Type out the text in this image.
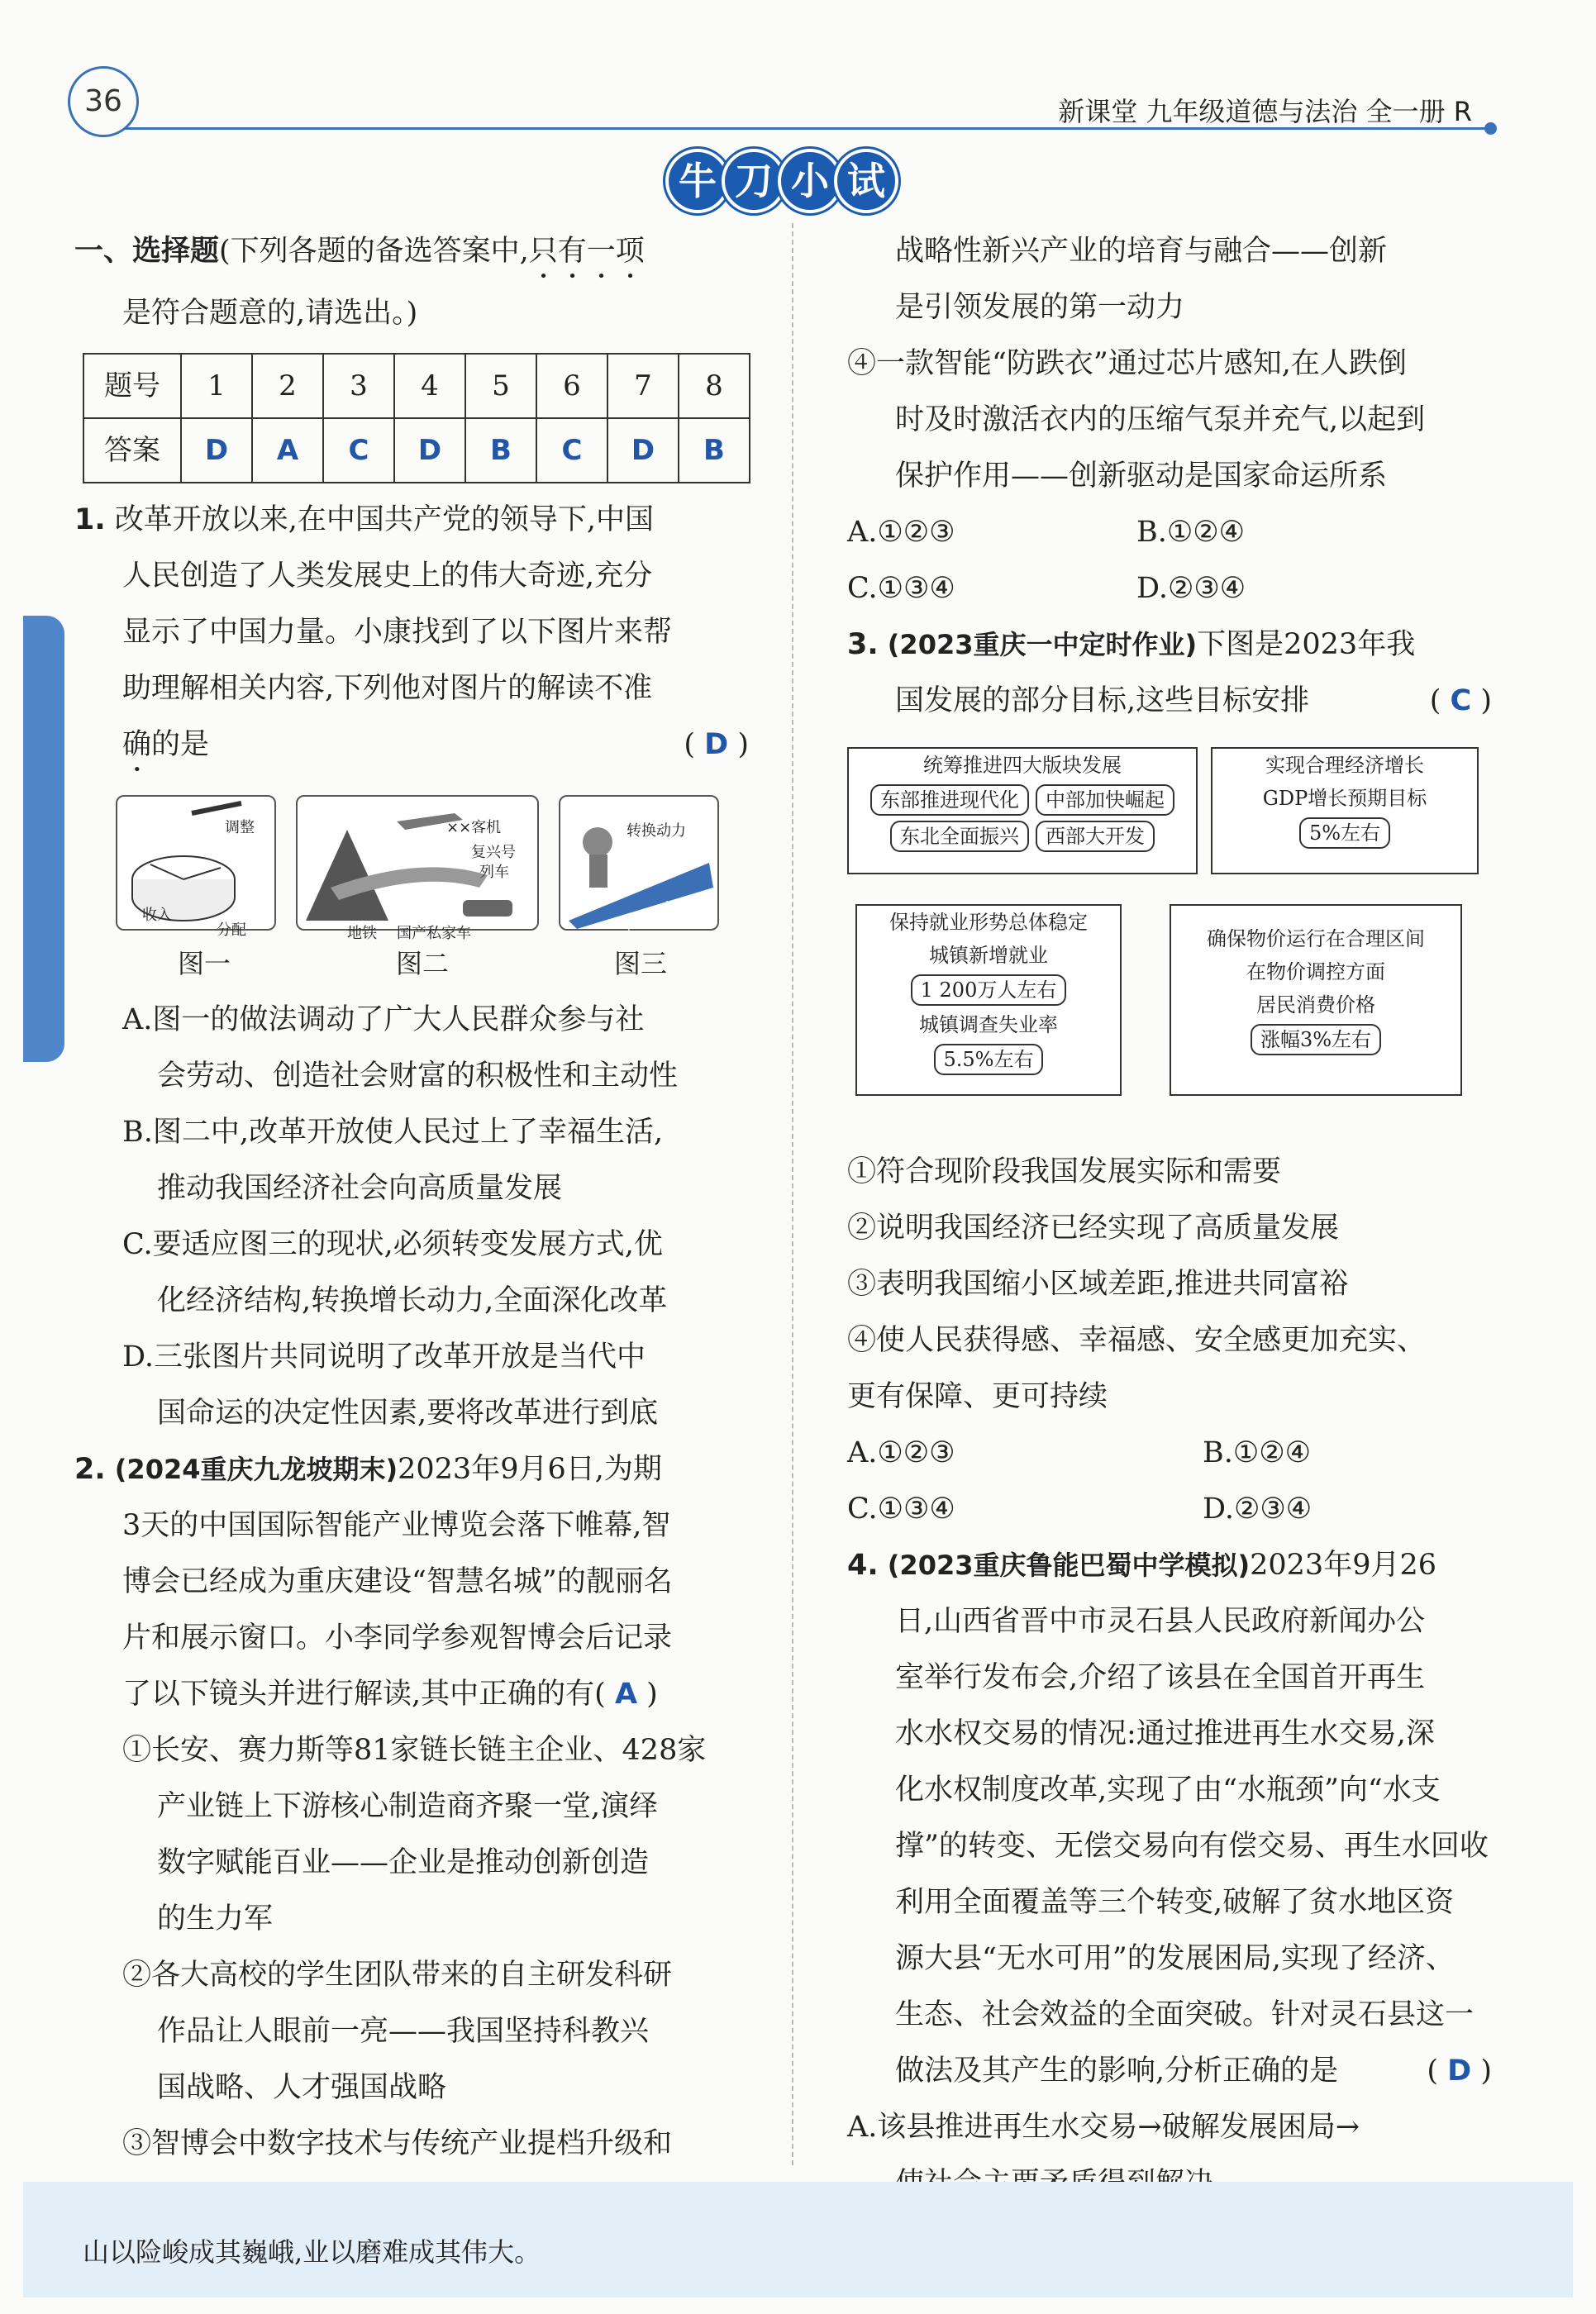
36	新课堂 九年级道德与法治 全一册 R
牛 刀 小 试
一、选择题(下列各题的备选答案中,只有一项
是符合题意的,请选出。)
题号	1	2	3	4	5	6	7	8
答案	D	A	C	D	B	C	D	B
1. 改革开放以来,在中国共产党的领导下,中国
人民创造了人类发展史上的伟大奇迹,充分
显示了中国力量。小康找到了以下图片来帮
助理解相关内容,下列他对图片的解读不准
确的是	( D )
收入
分配
调整	××客机
复兴号
列车
地铁 国产私家车
转换动力
中国经济
图一	图二	图三
A.图一的做法调动了广大人民群众参与社
会劳动、创造社会财富的积极性和主动性
B.图二中,改革开放使人民过上了幸福生活,
推动我国经济社会向高质量发展
C.要适应图三的现状,必须转变发展方式,优
化经济结构,转换增长动力,全面深化改革
D.三张图片共同说明了改革开放是当代中
国命运的决定性因素,要将改革进行到底
2. (2024重庆九龙坡期末)2023年9月6日,为期
3天的中国国际智能产业博览会落下帷幕,智
博会已经成为重庆建设“智慧名城”的靓丽名
片和展示窗口。小李同学参观智博会后记录
了以下镜头并进行解读,其中正确的有( A )
①长安、赛力斯等81家链长链主企业、428家
产业链上下游核心制造商齐聚一堂,演绎
数字赋能百业——企业是推动创新创造
的生力军
②各大高校的学生团队带来的自主研发科研
作品让人眼前一亮——我国坚持科教兴
国战略、人才强国战略
③智博会中数字技术与传统产业提档升级和
战略性新兴产业的培育与融合——创新
是引领发展的第一动力
④一款智能“防跌衣”通过芯片感知,在人跌倒
时及时激活衣内的压缩气泵并充气,以起到
保护作用——创新驱动是国家命运所系
A.①②③	B.①②④
C.①③④	D.②③④
3. (2023重庆一中定时作业)下图是2023年我
国发展的部分目标,这些目标安排	( C )
统筹推进四大版块发展
东部推进现代化 中部加快崛起
东北全面振兴 西部大开发
实现合理经济增长
GDP增长预期目标
5%左右
保持就业形势总体稳定
城镇新增就业
1 200万人左右
城镇调查失业率
5.5%左右
确保物价运行在合理区间
在物价调控方面
居民消费价格
涨幅3%左右
①符合现阶段我国发展实际和需要
②说明我国经济已经实现了高质量发展
③表明我国缩小区域差距,推进共同富裕
④使人民获得感、幸福感、安全感更加充实、
更有保障、更可持续
A.①②③	B.①②④
C.①③④	D.②③④
4. (2023重庆鲁能巴蜀中学模拟)2023年9月26
日,山西省晋中市灵石县人民政府新闻办公
室举行发布会,介绍了该县在全国首开再生
水水权交易的情况:通过推进再生水交易,深
化水权制度改革,实现了由“水瓶颈”向“水支
撑”的转变、无偿交易向有偿交易、再生水回收
利用全面覆盖等三个转变,破解了贫水地区资
源大县“无水可用”的发展困局,实现了经济、
生态、社会效益的全面突破。针对灵石县这一
做法及其产生的影响,分析正确的是	( D )
A.该县推进再生水交易→破解发展困局→
山以险峻成其巍峨,业以磨难成其伟大。
